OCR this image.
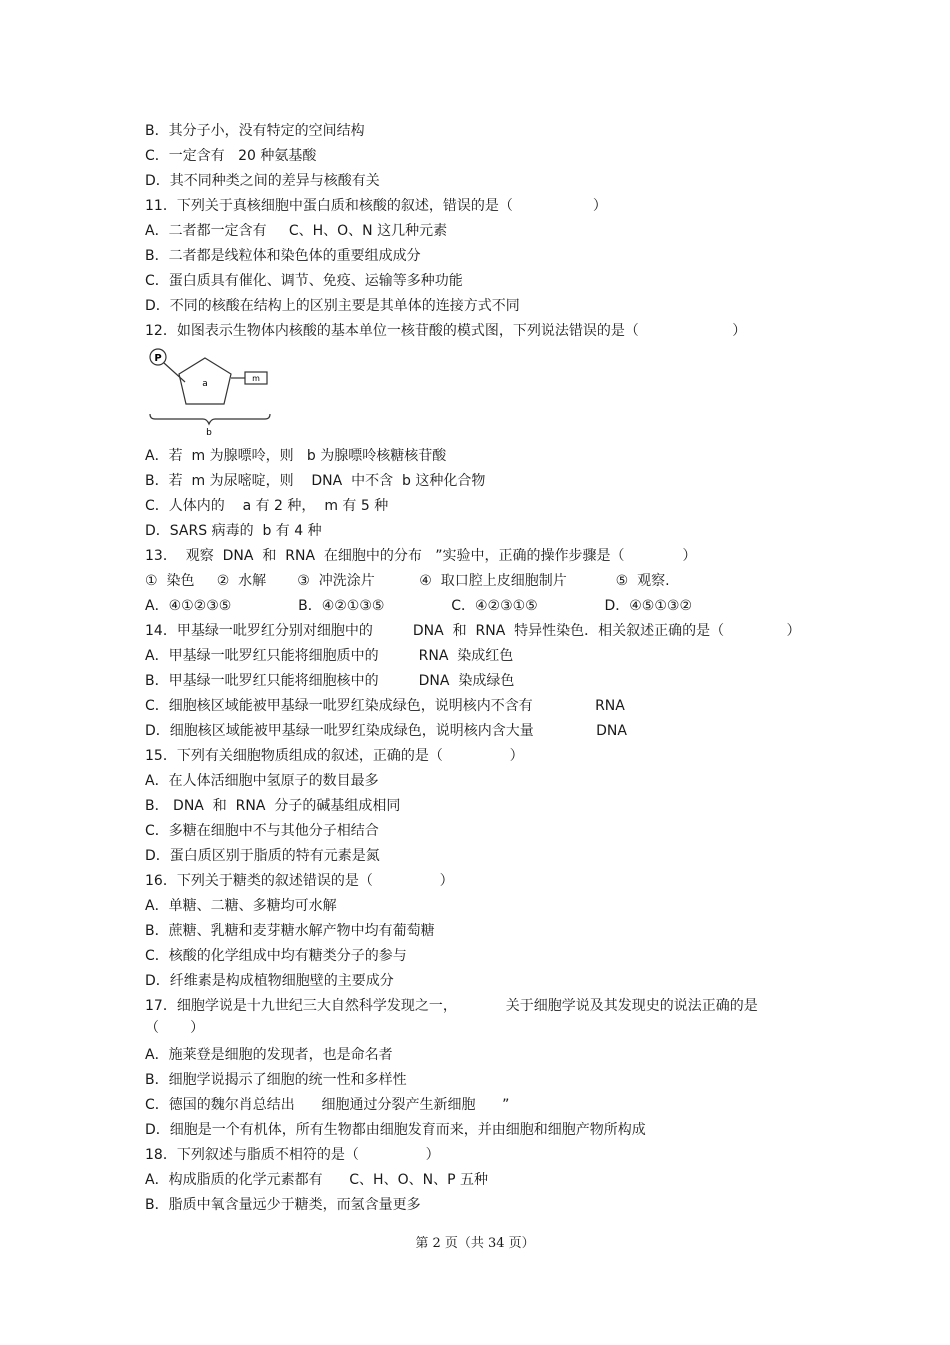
B．其分子小，没有特定的空间结构
C．一定含有   20 种氨基酸
D．其不同种类之间的差异与核酸有关
11．下列关于真核细胞中蛋白质和核酸的叙述，错误的是（                  ）
A．二者都一定含有     C、H、O、N 这几种元素
B．二者都是线粒体和染色体的重要组成成分
C．蛋白质具有催化、调节、免疫、运输等多种功能
D．不同的核酸在结构上的区别主要是其单体的连接方式不同
12．如图表示生物体内核酸的基本单位一核苷酸的模式图，下列说法错误的是（                     ）
A．若  m 为腺嘌呤，则   b 为腺嘌呤核糖核苷酸
B．若  m 为尿嘧啶，则    DNA  中不含  b 这种化合物
C．人体内的    a 有 2 种，  m 有 5 种
D．SARS 病毒的  b 有 4 种
13．  观察  DNA  和  RNA  在细胞中的分布   ”实验中，正确的操作步骤是（             ）
①  染色     ②  水解       ③  冲洗涂片          ④  取口腔上皮细胞制片           ⑤  观察.
A．④①②③⑤               B．④②①③⑤               C．④②③①⑤               D．④⑤①③②
14．甲基绿一吡罗红分别对细胞中的         DNA  和  RNA  特异性染色．相关叙述正确的是（              ）
A．甲基绿一吡罗红只能将细胞质中的         RNA  染成红色
B．甲基绿一吡罗红只能将细胞核中的         DNA  染成绿色
C．细胞核区域能被甲基绿一吡罗红染成绿色，说明核内不含有              RNA
D．细胞核区域能被甲基绿一吡罗红染成绿色，说明核内含大量              DNA
15．下列有关细胞物质组成的叙述，正确的是（               ）
A．在人体活细胞中氢原子的数目最多
B． DNA  和  RNA  分子的碱基组成相同
C．多糖在细胞中不与其他分子相结合
D．蛋白质区别于脂质的特有元素是氮
16．下列关于糖类的叙述错误的是（               ）
A．单糖、二糖、多糖均可水解
B．蔗糖、乳糖和麦芽糖水解产物中均有葡萄糖
C．核酸的化学组成中均有糖类分子的参与
D．纤维素是构成植物细胞壁的主要成分
17．细胞学说是十九世纪三大自然科学发现之一，           关于细胞学说及其发现史的说法正确的是
（       ）
A．施莱登是细胞的发现者，也是命名者
B．细胞学说揭示了细胞的统一性和多样性
C．德国的魏尔肖总结出      细胞通过分裂产生新细胞      ”
D．细胞是一个有机体，所有生物都由细胞发育而来，并由细胞和细胞产物所构成
18．下列叙述与脂质不相符的是（               ）
A．构成脂质的化学元素都有      C、H、O、N、P 五种
B．脂质中氧含量远少于糖类，而氢含量更多
P
a
m
b
第 2 页（共 34 页）
